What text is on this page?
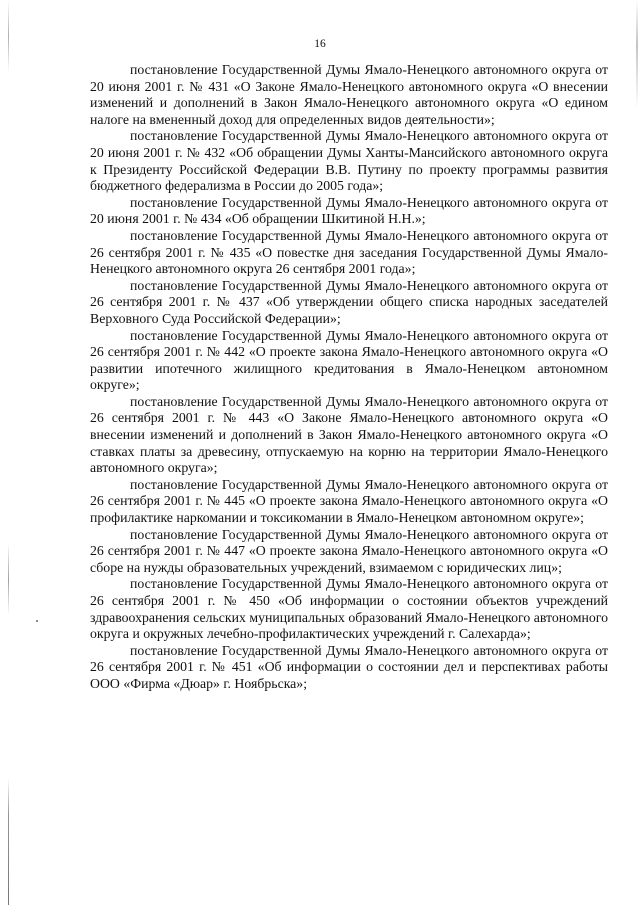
16

постановление Государственной Думы Ямало-Ненецкого автономного округа от 20 июня 2001 г. № 431 «О Законе Ямало-Ненецкого автономного округа «О внесении изменений и дополнений в Закон Ямало-Ненецкого автономного округа «О едином налоге на вмененный доход для определенных видов деятельности»;

постановление Государственной Думы Ямало-Ненецкого автономного округа от 20 июня 2001 г. № 432 «Об обращении Думы Ханты-Мансийского автономного округа к Президенту Российской Федерации В.В. Путину по проекту программы развития бюджетного федерализма в России до 2005 года»;

постановление Государственной Думы Ямало-Ненецкого автономного округа от 20 июня 2001 г. № 434 «Об обращении Шкитиной Н.Н.»;

постановление Государственной Думы Ямало-Ненецкого автономного округа от 26 сентября 2001 г. № 435 «О повестке дня заседания Государственной Думы Ямало-Ненецкого автономного округа 26 сентября 2001 года»;

постановление Государственной Думы Ямало-Ненецкого автономного округа от 26 сентября 2001 г. № 437 «Об утверждении общего списка народных заседателей Верховного Суда Российской Федерации»;

постановление Государственной Думы Ямало-Ненецкого автономного округа от 26 сентября 2001 г. № 442 «О проекте закона Ямало-Ненецкого автономного округа «О развитии ипотечного жилищного кредитования в Ямало-Ненецком автономном округе»;

постановление Государственной Думы Ямало-Ненецкого автономного округа от 26 сентября 2001 г. № 443 «О Законе Ямало-Ненецкого автономного округа «О внесении изменений и дополнений в Закон Ямало-Ненецкого автономного округа «О ставках платы за древесину, отпускаемую на корню на территории Ямало-Ненецкого автономного округа»;

постановление Государственной Думы Ямало-Ненецкого автономного округа от 26 сентября 2001 г. № 445 «О проекте закона Ямало-Ненецкого автономного округа «О профилактике наркомании и токсикомании в Ямало-Ненецком автономном округе»;

постановление Государственной Думы Ямало-Ненецкого автономного округа от 26 сентября 2001 г. № 447 «О проекте закона Ямало-Ненецкого автономного округа «О сборе на нужды образовательных учреждений, взимаемом с юридических лиц»;

постановление Государственной Думы Ямало-Ненецкого автономного округа от 26 сентября 2001 г. № 450 «Об информации о состоянии объектов учреждений здравоохранения сельских муниципальных образований Ямало-Ненецкого автономного округа и окружных лечебно-профилактических учреждений г. Салехарда»;

постановление Государственной Думы Ямало-Ненецкого автономного округа от 26 сентября 2001 г. № 451 «Об информации о состоянии дел и перспективах работы ООО «Фирма «Дюар» г. Ноябрьска»;
